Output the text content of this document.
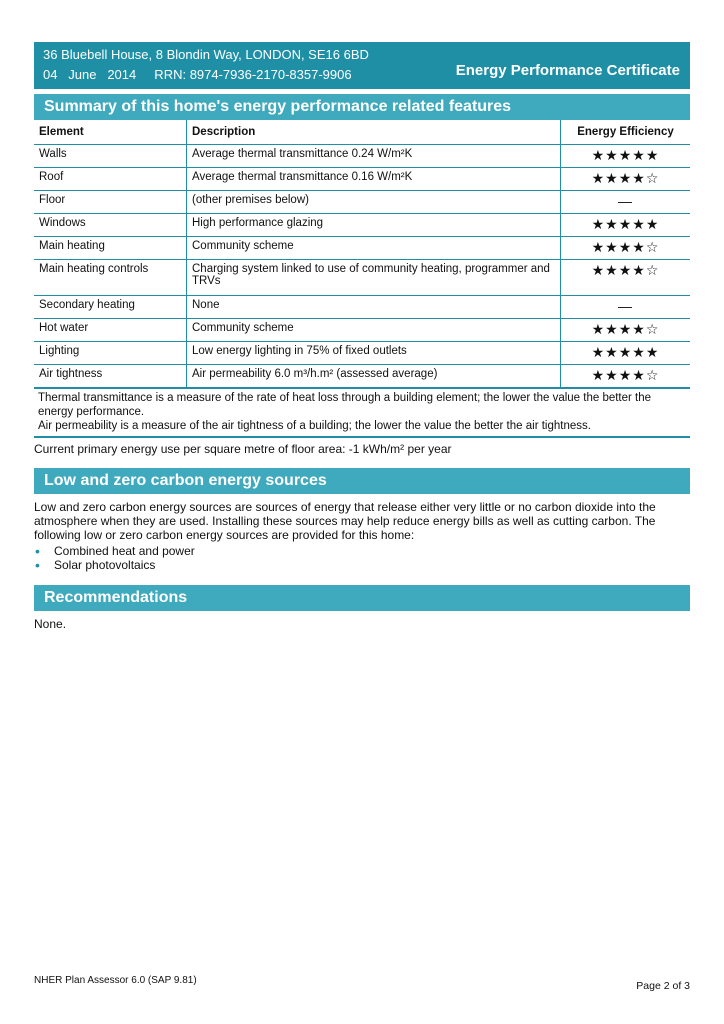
36 Bluebell House, 8 Blondin Way, LONDON, SE16 6BD
04   June   2014     RRN: 8974-7936-2170-8357-9906	Energy Performance Certificate
Summary of this home's energy performance related features
Element	Description	Energy Efficiency
Walls	Average thermal transmittance 0.24 W/m²K	★★★★★
Roof	Average thermal transmittance 0.16 W/m²K	★★★★☆
Floor	(other premises below)	—
Windows	High performance glazing	★★★★★
Main heating	Community scheme	★★★★☆
Main heating controls	Charging system linked to use of community heating, programmer and TRVs	★★★★☆
Secondary heating	None	—
Hot water	Community scheme	★★★★☆
Lighting	Low energy lighting in 75% of fixed outlets	★★★★★
Air tightness	Air permeability 6.0 m³/h.m² (assessed average)	★★★★☆
Thermal transmittance is a measure of the rate of heat loss through a building element; the lower the value the better the energy performance.
Air permeability is a measure of the air tightness of a building; the lower the value the better the air tightness.
Current primary energy use per square metre of floor area: -1 kWh/m² per year
Low and zero carbon energy sources
Low and zero carbon energy sources are sources of energy that release either very little or no carbon dioxide into the atmosphere when they are used. Installing these sources may help reduce energy bills as well as cutting carbon. The following low or zero carbon energy sources are provided for this home:
• Combined heat and power
• Solar photovoltaics
Recommendations
None.
NHER Plan Assessor 6.0 (SAP 9.81)	Page 2 of 3
